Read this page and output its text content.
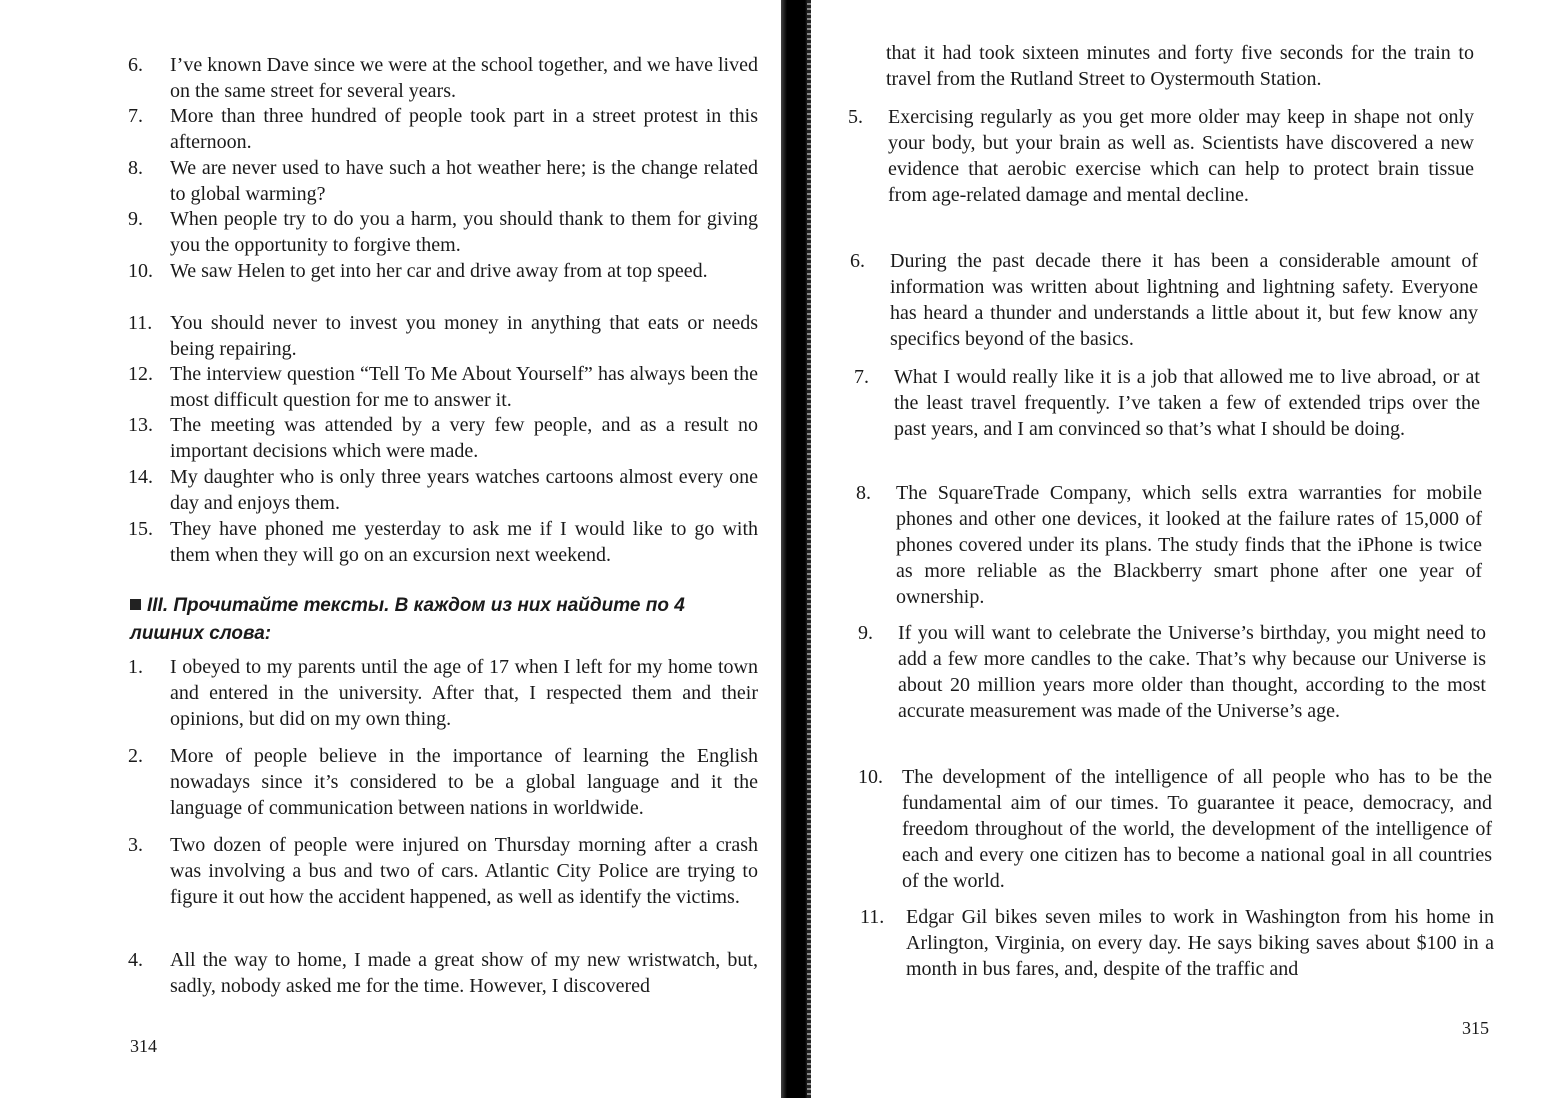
6. I’ve known Dave since we were at the school together, and we have lived on the same street for several years.
7. More than three hundred of people took part in a street protest in this afternoon.
8. We are never used to have such a hot weather here; is the change related to global warming?
9. When people try to do you a harm, you should thank to them for giving you the opportunity to forgive them.
10. We saw Helen to get into her car and drive away from at top speed.
11. You should never to invest you money in anything that eats or needs being repairing.
12. The interview question “Tell To Me About Yourself” has always been the most difficult question for me to answer it.
13. The meeting was attended by a very few people, and as a result no important decisions which were made.
14. My daughter who is only three years watches cartoons almost every one day and enjoys them.
15. They have phoned me yesterday to ask me if I would like to go with them when they will go on an excursion next weekend.
III. Прочитайте тексты. В каждом из них найдите по 4 лишних слова:
1. I obeyed to my parents until the age of 17 when I left for my home town and entered in the university. After that, I respected them and their opinions, but did on my own thing.
2. More of people believe in the importance of learning the English nowadays since it’s considered to be a global language and it the language of communication between nations in worldwide.
3. Two dozen of people were injured on Thursday morning after a crash was involving a bus and two of cars. Atlantic City Police are trying to figure it out how the accident happened, as well as identify the victims.
4. All the way to home, I made a great show of my new wristwatch, but, sadly, nobody asked me for the time. However, I discovered
314
that it had took sixteen minutes and forty five seconds for the train to travel from the Rutland Street to Oystermouth Station.
5. Exercising regularly as you get more older may keep in shape not only your body, but your brain as well as. Scientists have discovered a new evidence that aerobic exercise which can help to protect brain tissue from age-related damage and mental decline.
6. During the past decade there it has been a considerable amount of information was written about lightning and lightning safety. Everyone has heard a thunder and understands a little about it, but few know any specifics beyond of the basics.
7. What I would really like it is a job that allowed me to live abroad, or at the least travel frequently. I’ve taken a few of extended trips over the past years, and I am convinced so that’s what I should be doing.
8. The SquareTrade Company, which sells extra warranties for mobile phones and other one devices, it looked at the failure rates of 15,000 of phones covered under its plans. The study finds that the iPhone is twice as more reliable as the Blackberry smart phone after one year of ownership.
9. If you will want to celebrate the Universe’s birthday, you might need to add a few more candles to the cake. That’s why because our Universe is about 20 million years more older than thought, according to the most accurate measurement was made of the Universe’s age.
10. The development of the intelligence of all people who has to be the fundamental aim of our times. To guarantee it peace, democracy, and freedom throughout of the world, the development of the intelligence of each and every one citizen has to become a national goal in all countries of the world.
11. Edgar Gil bikes seven miles to work in Washington from his home in Arlington, Virginia, on every day. He says biking saves about $100 in a month in bus fares, and, despite of the traffic and
315
